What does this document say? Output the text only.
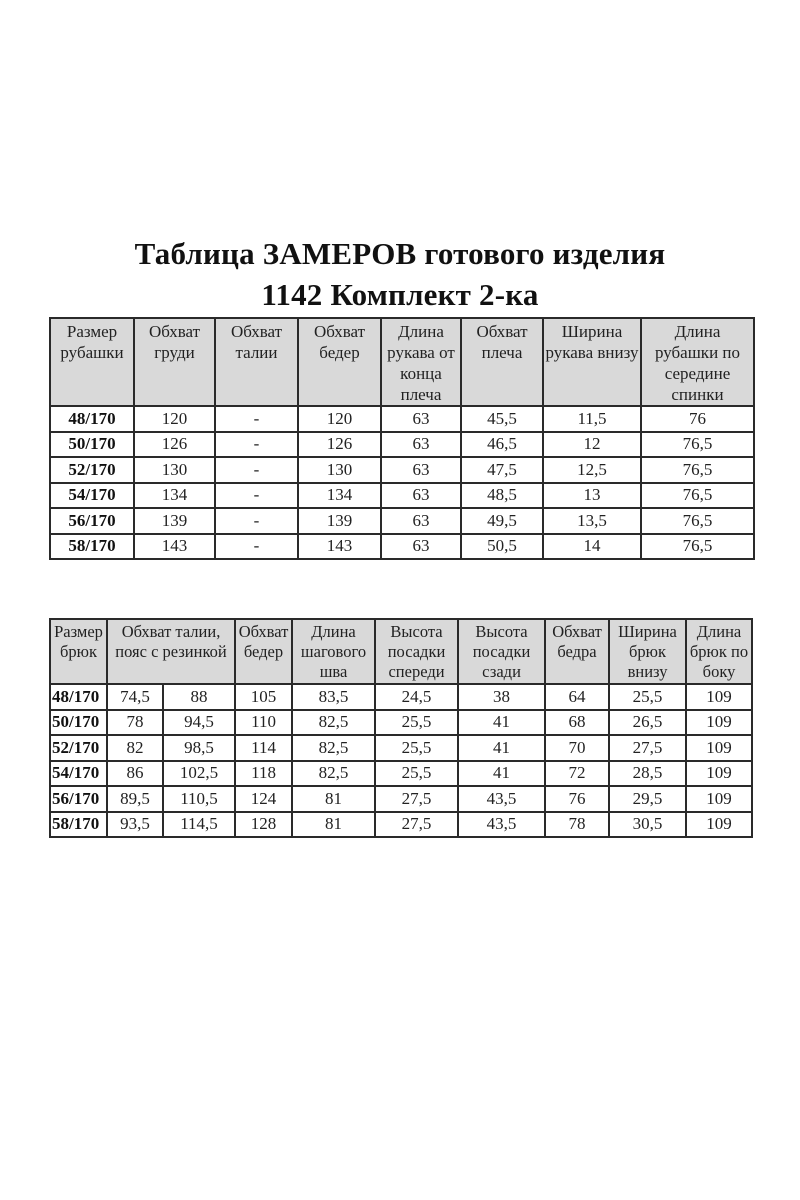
Таблица ЗАМЕРОВ готового изделия
1142 Комплект 2-ка
Размер рубашки	Обхват груди	Обхват талии	Обхват бедер	Длина рукава от конца плеча	Обхват плеча	Ширина рукава внизу	Длина рубашки по середине спинки
48/170	120	-	120	63	45,5	11,5	76
50/170	126	-	126	63	46,5	12	76,5
52/170	130	-	130	63	47,5	12,5	76,5
54/170	134	-	134	63	48,5	13	76,5
56/170	139	-	139	63	49,5	13,5	76,5
58/170	143	-	143	63	50,5	14	76,5
Размер брюк	Обхват талии, пояс с резинкой		Обхват бедер	Длина шагового шва	Высота посадки спереди	Высота посадки сзади	Обхват бедра	Ширина брюк внизу	Длина брюк по боку
48/170	74,5	88	105	83,5	24,5	38	64	25,5	109
50/170	78	94,5	110	82,5	25,5	41	68	26,5	109
52/170	82	98,5	114	82,5	25,5	41	70	27,5	109
54/170	86	102,5	118	82,5	25,5	41	72	28,5	109
56/170	89,5	110,5	124	81	27,5	43,5	76	29,5	109
58/170	93,5	114,5	128	81	27,5	43,5	78	30,5	109
